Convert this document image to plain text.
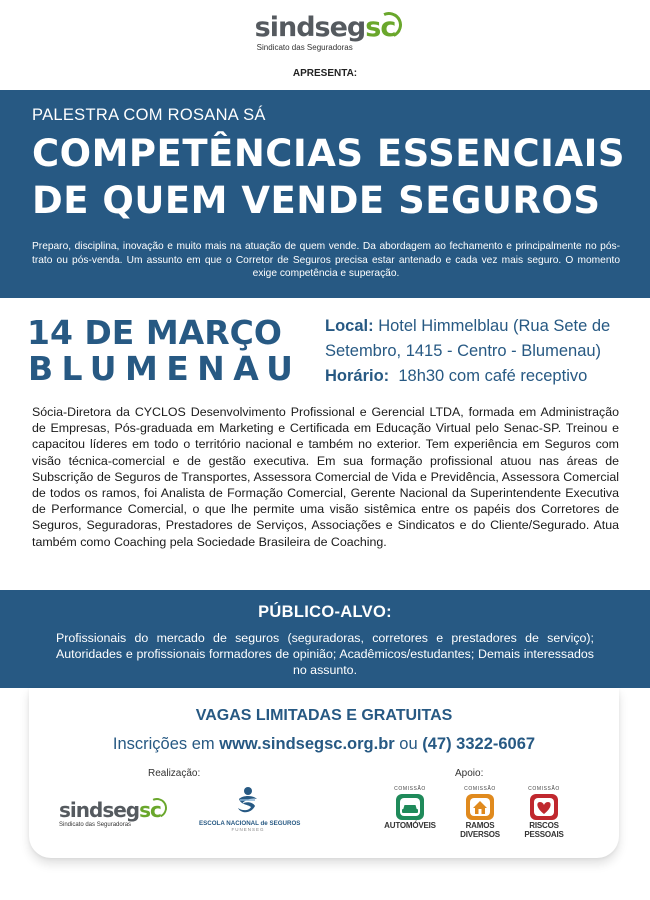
sindsegsc
Sindicato das Seguradoras
APRESENTA:
PALESTRA COM ROSANA SÁ
COMPETÊNCIAS ESSENCIAIS
DE QUEM VENDE SEGUROS
Preparo, disciplina, inovação e muito mais na atuação de quem vende. Da abordagem ao fechamento e principalmente no pós-trato ou pós-venda. Um assunto em que o Corretor de Seguros precisa estar antenado e cada vez mais seguro. O momento exige competência e superação.
14 DE MARÇO
BLUMENAU
Local: Hotel Himmelblau (Rua Sete de Setembro, 1415 - Centro - Blumenau)
Horário: 18h30 com café receptivo
Sócia-Diretora da CYCLOS Desenvolvimento Profissional e Gerencial LTDA, formada em Administração de Empresas, Pós-graduada em Marketing e Certificada em Educação Virtual pelo Senac-SP. Treinou e capacitou líderes em todo o território nacional e também no exterior. Tem experiência em Seguros com visão técnica-comercial e de gestão executiva. Em sua formação profissional atuou nas áreas de Subscrição de Seguros de Transportes, Assessora Comercial de Vida e Previdência, Assessora Comercial de todos os ramos, foi Analista de Formação Comercial, Gerente Nacional da Superintendente Executiva de Performance Comercial, o que lhe permite uma visão sistêmica entre os papéis dos Corretores de Seguros, Seguradoras, Prestadores de Serviços, Associações e Sindicatos e do Cliente/Segurado. Atua também como Coaching pela Sociedade Brasileira de Coaching.
PÚBLICO-ALVO:
Profissionais do mercado de seguros (seguradoras, corretores e prestadores de serviço); Autoridades e profissionais formadores de opinião; Acadêmicos/estudantes; Demais interessados no assunto.
VAGAS LIMITADAS E GRATUITAS
Inscrições em www.sindsegsc.org.br ou (47) 3322-6067
Realização:	Apoio:
sindsegsc
Sindicato das Seguradoras	ESCOLA NACIONAL de SEGUROS
FUNENSEG
COMISSÃO
AUTOMÓVEIS
COMISSÃO
RAMOS
DIVERSOS
COMISSÃO
RISCOS
PESSOAIS
